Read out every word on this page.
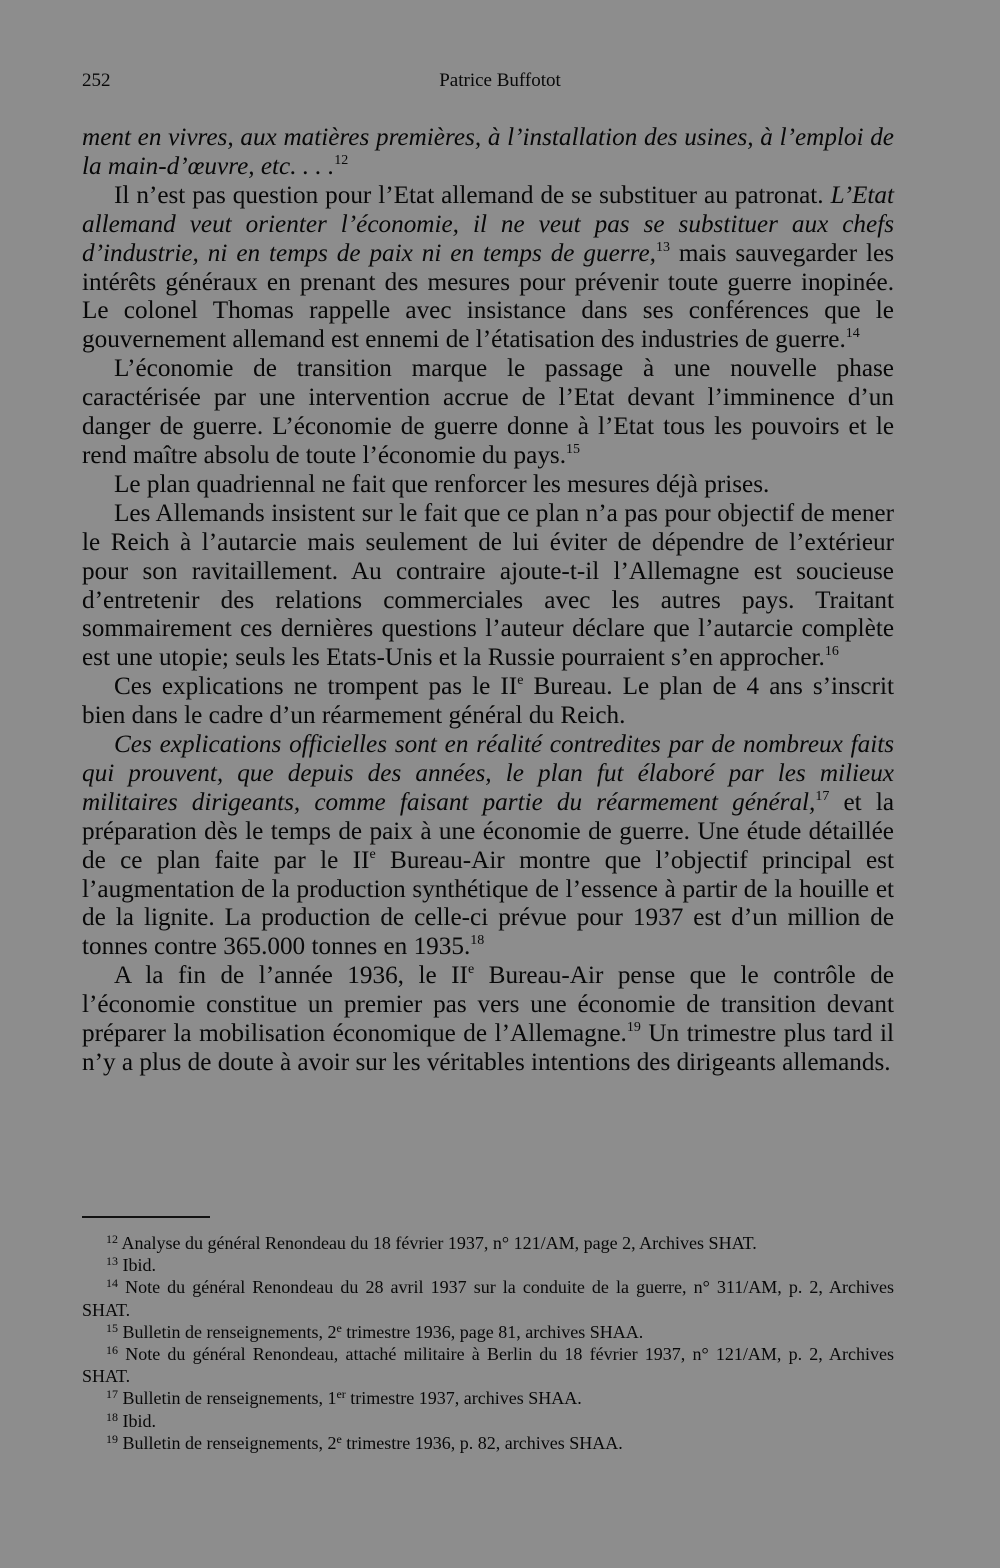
252	Patrice Buffotot

ment en vivres, aux matières premières, à l’installation des usines, à l’emploi de la main-d’œuvre, etc. . . .$^{12}$

Il n’est pas question pour l’Etat allemand de se substituer au patronat. L’Etat allemand veut orienter l’économie, il ne veut pas se substituer aux chefs d’industrie, ni en temps de paix ni en temps de guerre,$^{13}$ mais sauvegarder les intérêts généraux en prenant des mesures pour prévenir toute guerre inopinée. Le colonel Thomas rappelle avec insistance dans ses conférences que le gouvernement allemand est ennemi de l’étatisation des industries de guerre.$^{14}$

L’économie de transition marque le passage à une nouvelle phase caractérisée par une intervention accrue de l’Etat devant l’imminence d’un danger de guerre. L’économie de guerre donne à l’Etat tous les pouvoirs et le rend maître absolu de toute l’économie du pays.$^{15}$

Le plan quadriennal ne fait que renforcer les mesures déjà prises.

Les Allemands insistent sur le fait que ce plan n’a pas pour objectif de mener le Reich à l’autarcie mais seulement de lui éviter de dépendre de l’extérieur pour son ravitaillement. Au contraire ajoute-t-il l’Allemagne est soucieuse d’entretenir des relations commerciales avec les autres pays. Traitant sommairement ces dernières questions l’auteur déclare que l’autarcie complète est une utopie; seuls les Etats-Unis et la Russie pourraient s’en approcher.$^{16}$

Ces explications ne trompent pas le IIe Bureau. Le plan de 4 ans s’inscrit bien dans le cadre d’un réarmement général du Reich.

Ces explications officielles sont en réalité contredites par de nombreux faits qui prouvent, que depuis des années, le plan fut élaboré par les milieux militaires dirigeants, comme faisant partie du réarmement général,$^{17}$ et la préparation dès le temps de paix à une économie de guerre. Une étude détaillée de ce plan faite par le IIe Bureau-Air montre que l’objectif principal est l’augmentation de la production synthétique de l’essence à partir de la houille et de la lignite. La production de celle-ci prévue pour 1937 est d’un million de tonnes contre 365.000 tonnes en 1935.18

A la fin de l’année 1936, le IIe Bureau-Air pense que le contrôle de l’économie constitue un premier pas vers une économie de transition devant préparer la mobilisation économique de l’Allemagne.$^{19}$ Un trimestre plus tard il n’y a plus de doute à avoir sur les véritables intentions des dirigeants allemands.

$^{12}$ Analyse du général Renondeau du 18 février 1937, n° 121/AM, page 2, Archives SHAT.

$^{13}$ Ibid.

$^{14}$ Note du général Renondeau du 28 avril 1937 sur la conduite de la guerre, n° 311/AM, p. 2, Archives SHAT.

$^{15}$ Bulletin de renseignements, 2e trimestre 1936, page 81, archives SHAA.

$^{16}$ Note du général Renondeau, attaché militaire à Berlin du 18 février 1937, n° 121/AM, p. 2, Archives SHAT.

$^{17}$ Bulletin de renseignements, 1er trimestre 1937, archives SHAA.

$^{18}$ Ibid.

$^{19}$ Bulletin de renseignements, 2e trimestre 1936, p. 82, archives SHAA.
